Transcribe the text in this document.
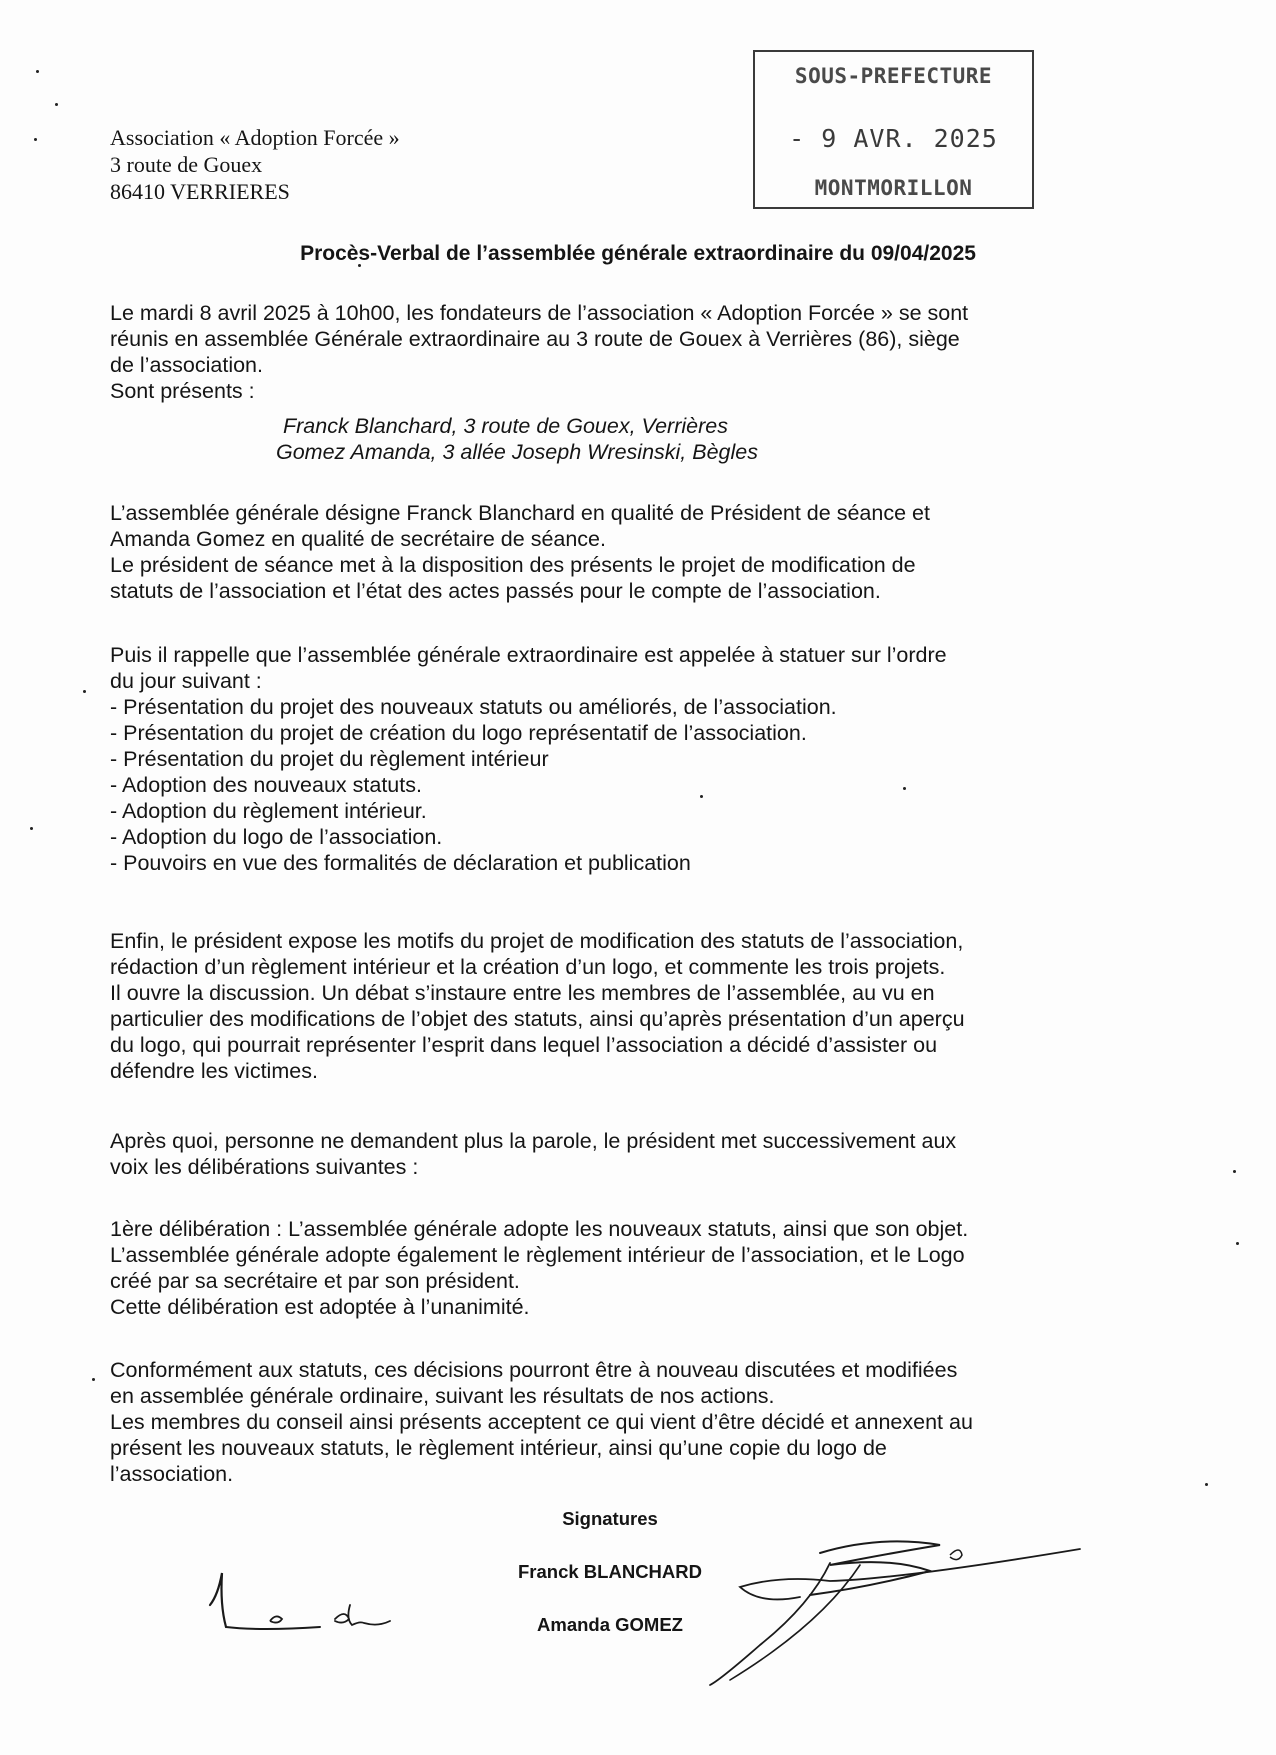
Association « Adoption Forcée »
3 route de Gouex
86410 VERRIERES
SOUS-PREFECTURE
- 9 AVR. 2025
MONTMORILLON
Procès-Verbal de l’assemblée générale extraordinaire du 09/04/2025

Le mardi 8 avril 2025 à 10h00, les fondateurs de l’association « Adoption Forcée » se sont

réunis en assemblée Générale extraordinaire au 3 route de Gouex à Verrières (86), siège

de l’association.

Sont présents :

Franck Blanchard, 3 route de Gouex, Verrières
Gomez Amanda, 3 allée Joseph Wresinski, Bègles

L’assemblée générale désigne Franck Blanchard en qualité de Président de séance et

Amanda Gomez en qualité de secrétaire de séance.

Le président de séance met à la disposition des présents le projet de modification de

statuts de l’association et l’état des actes passés pour le compte de l’association.

Puis il rappelle que l’assemblée générale extraordinaire est appelée à statuer sur l’ordre

du jour suivant :

- Présentation du projet des nouveaux statuts ou améliorés, de l’association.

- Présentation du projet de création du logo représentatif de l’association.

- Présentation du projet du règlement intérieur

- Adoption des nouveaux statuts.

- Adoption du règlement intérieur.

- Adoption du logo de l’association.

- Pouvoirs en vue des formalités de déclaration et publication

Enfin, le président expose les motifs du projet de modification des statuts de l’association,

rédaction d’un règlement intérieur et la création d’un logo, et commente les trois projets.

Il ouvre la discussion. Un débat s’instaure entre les membres de l’assemblée, au vu en

particulier des modifications de l’objet des statuts, ainsi qu’après présentation d’un aperçu

du logo, qui pourrait représenter l’esprit dans lequel l’association a décidé d’assister ou

défendre les victimes.

Après quoi, personne ne demandent plus la parole, le président met successivement aux

voix les délibérations suivantes :

1ère délibération : L’assemblée générale adopte les nouveaux statuts, ainsi que son objet.

L’assemblée générale adopte également le règlement intérieur de l’association, et le Logo

créé par sa secrétaire et par son président.

Cette délibération est adoptée à l’unanimité.

Conformément aux statuts, ces décisions pourront être à nouveau discutées et modifiées

en assemblée générale ordinaire, suivant les résultats de nos actions.

Les membres du conseil ainsi présents acceptent ce qui vient d’être décidé et annexent au

présent les nouveaux statuts, le règlement intérieur, ainsi qu’une copie du logo de

l’association.

Signatures
Franck BLANCHARD
Amanda GOMEZ
